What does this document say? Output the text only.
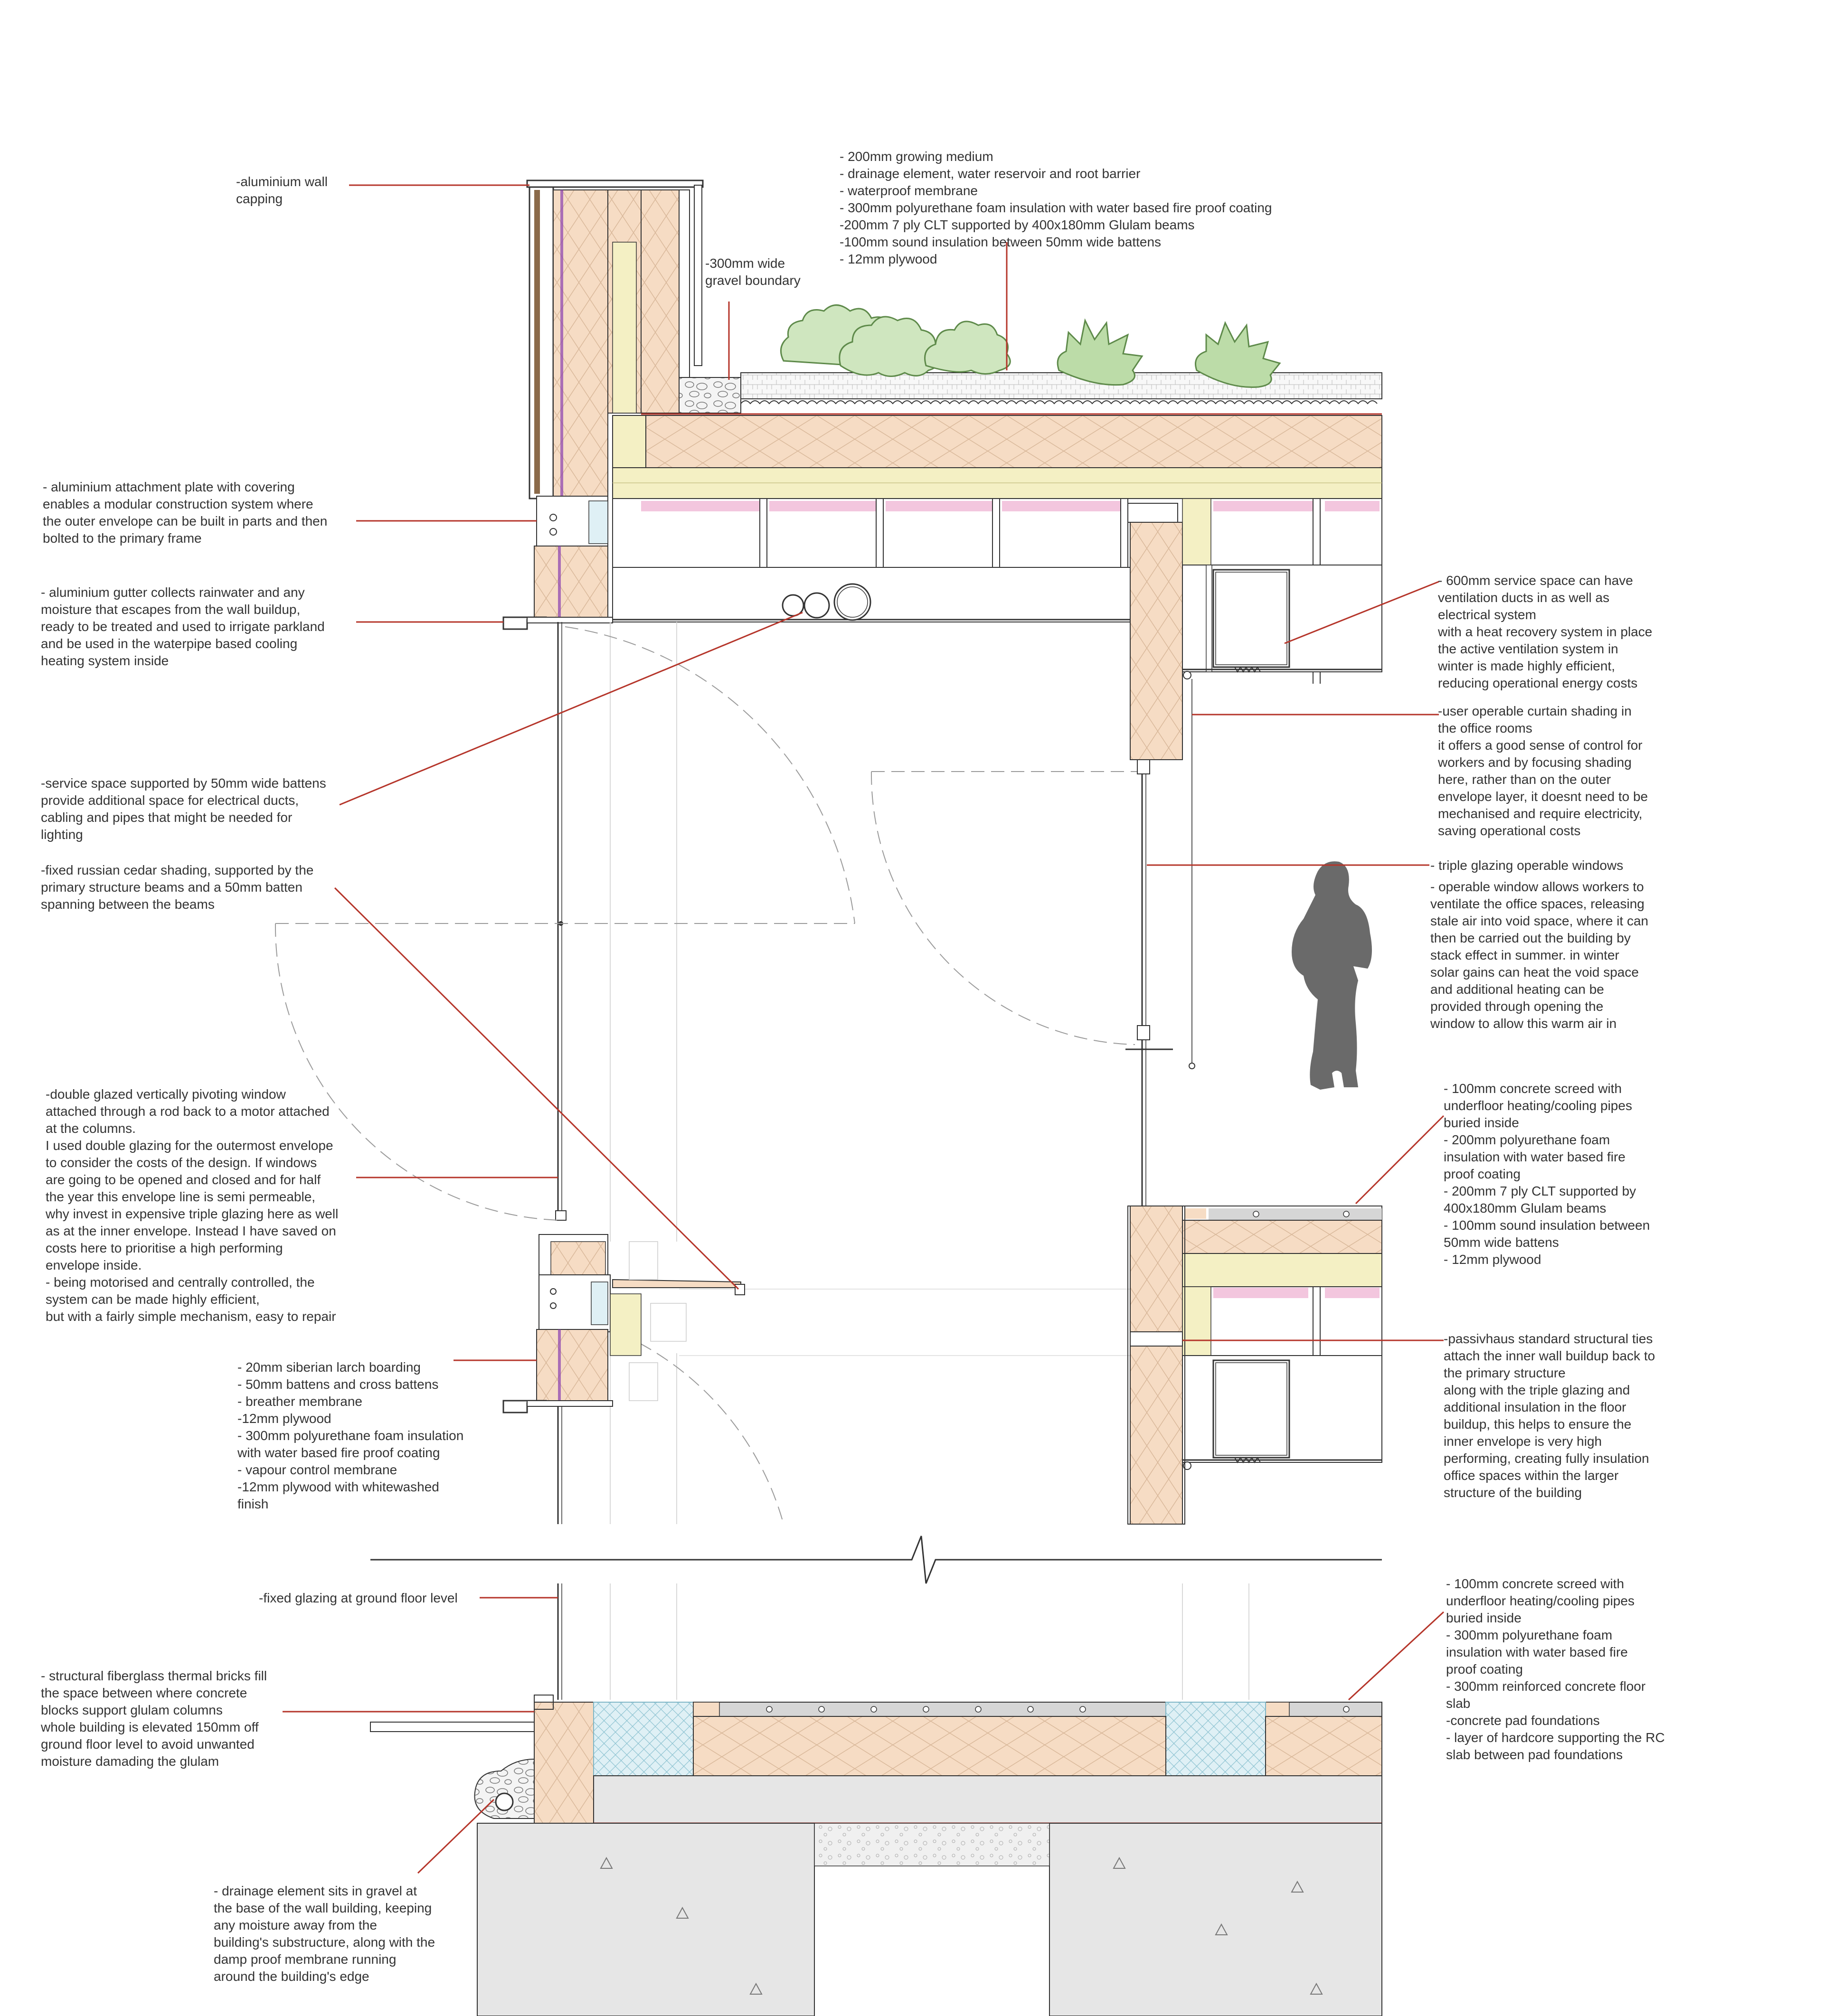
-aluminium wall
capping
- 200mm growing medium
- drainage element, water reservoir and root barrier
- waterproof membrane
- 300mm polyurethane foam insulation with water based fire proof coating
-200mm 7 ply CLT supported by 400x180mm Glulam beams
-100mm sound insulation between 50mm wide battens
- 12mm plywood
-300mm wide
gravel boundary
- aluminium attachment plate with covering
enables a modular construction system where
the outer envelope can be built in parts and then
bolted to the primary frame
- aluminium gutter collects rainwater and any
moisture that escapes from the wall buildup,
ready to be treated and used to irrigate parkland
and be used in the waterpipe based cooling
heating system inside
- 600mm service space can have
ventilation ducts in as well as
electrical system
with a heat recovery system in place
the active ventilation system in
winter is made highly efficient,
reducing operational energy costs
-user operable curtain shading in
the office rooms
it offers a good sense of control for
workers and by focusing shading
here, rather than on the outer
envelope layer, it doesnt need to be
mechanised and require electricity,
saving operational costs
-service space supported by 50mm wide battens
provide additional space for electrical ducts,
cabling and pipes that might be needed for
lighting
-fixed russian cedar shading, supported by the
primary structure beams and a 50mm batten
spanning between the beams
- triple glazing operable windows
- operable window allows workers to
ventilate the office spaces, releasing
stale air into void space, where it can
then be carried out the building by
stack effect in summer. in winter
solar gains can heat the void space
and additional heating can be
provided through opening the
window to allow this warm air in
- 100mm concrete screed with
underfloor heating/cooling pipes
buried inside
- 200mm polyurethane foam
insulation with water based fire
proof coating
- 200mm 7 ply CLT supported by
400x180mm Glulam beams
- 100mm sound insulation between
50mm wide battens
- 12mm plywood
-double glazed vertically pivoting window
attached through a rod back to a motor attached
at the columns.
I used double glazing for the outermost envelope
to consider the costs of the design. If windows
are going to be opened and closed and for half
the year this envelope line is semi permeable,
why invest in expensive triple glazing here as well
as at the inner envelope. Instead I have saved on
costs here to prioritise a high performing
envelope inside.
- being motorised and centrally controlled, the
system can be made highly efficient,
but with a fairly simple mechanism, easy to repair
-passivhaus standard structural ties
attach the inner wall buildup back to
the primary structure
along with the triple glazing and
additional insulation in the floor
buildup, this helps to ensure the
inner envelope is very high
performing, creating fully insulation
office spaces within the larger
structure of the building
- 20mm siberian larch boarding
- 50mm battens and cross battens
- breather membrane
-12mm plywood
- 300mm polyurethane foam insulation
with water based fire proof coating
- vapour control membrane
-12mm plywood with whitewashed
finish
-fixed glazing at ground floor level
- 100mm concrete screed with
underfloor heating/cooling pipes
buried inside
- 300mm polyurethane foam
insulation with water based fire
proof coating
- 300mm reinforced concrete floor
slab
-concrete pad foundations
- layer of hardcore supporting the RC
slab between pad foundations
- structural fiberglass thermal bricks fill
the space between where concrete
blocks support glulam columns
whole building is elevated 150mm off
ground floor level to avoid unwanted
moisture damading the glulam
- drainage element sits in gravel at
the base of the wall building, keeping
any moisture away from the
building's substructure, along with the
damp proof membrane running
around the building's edge
